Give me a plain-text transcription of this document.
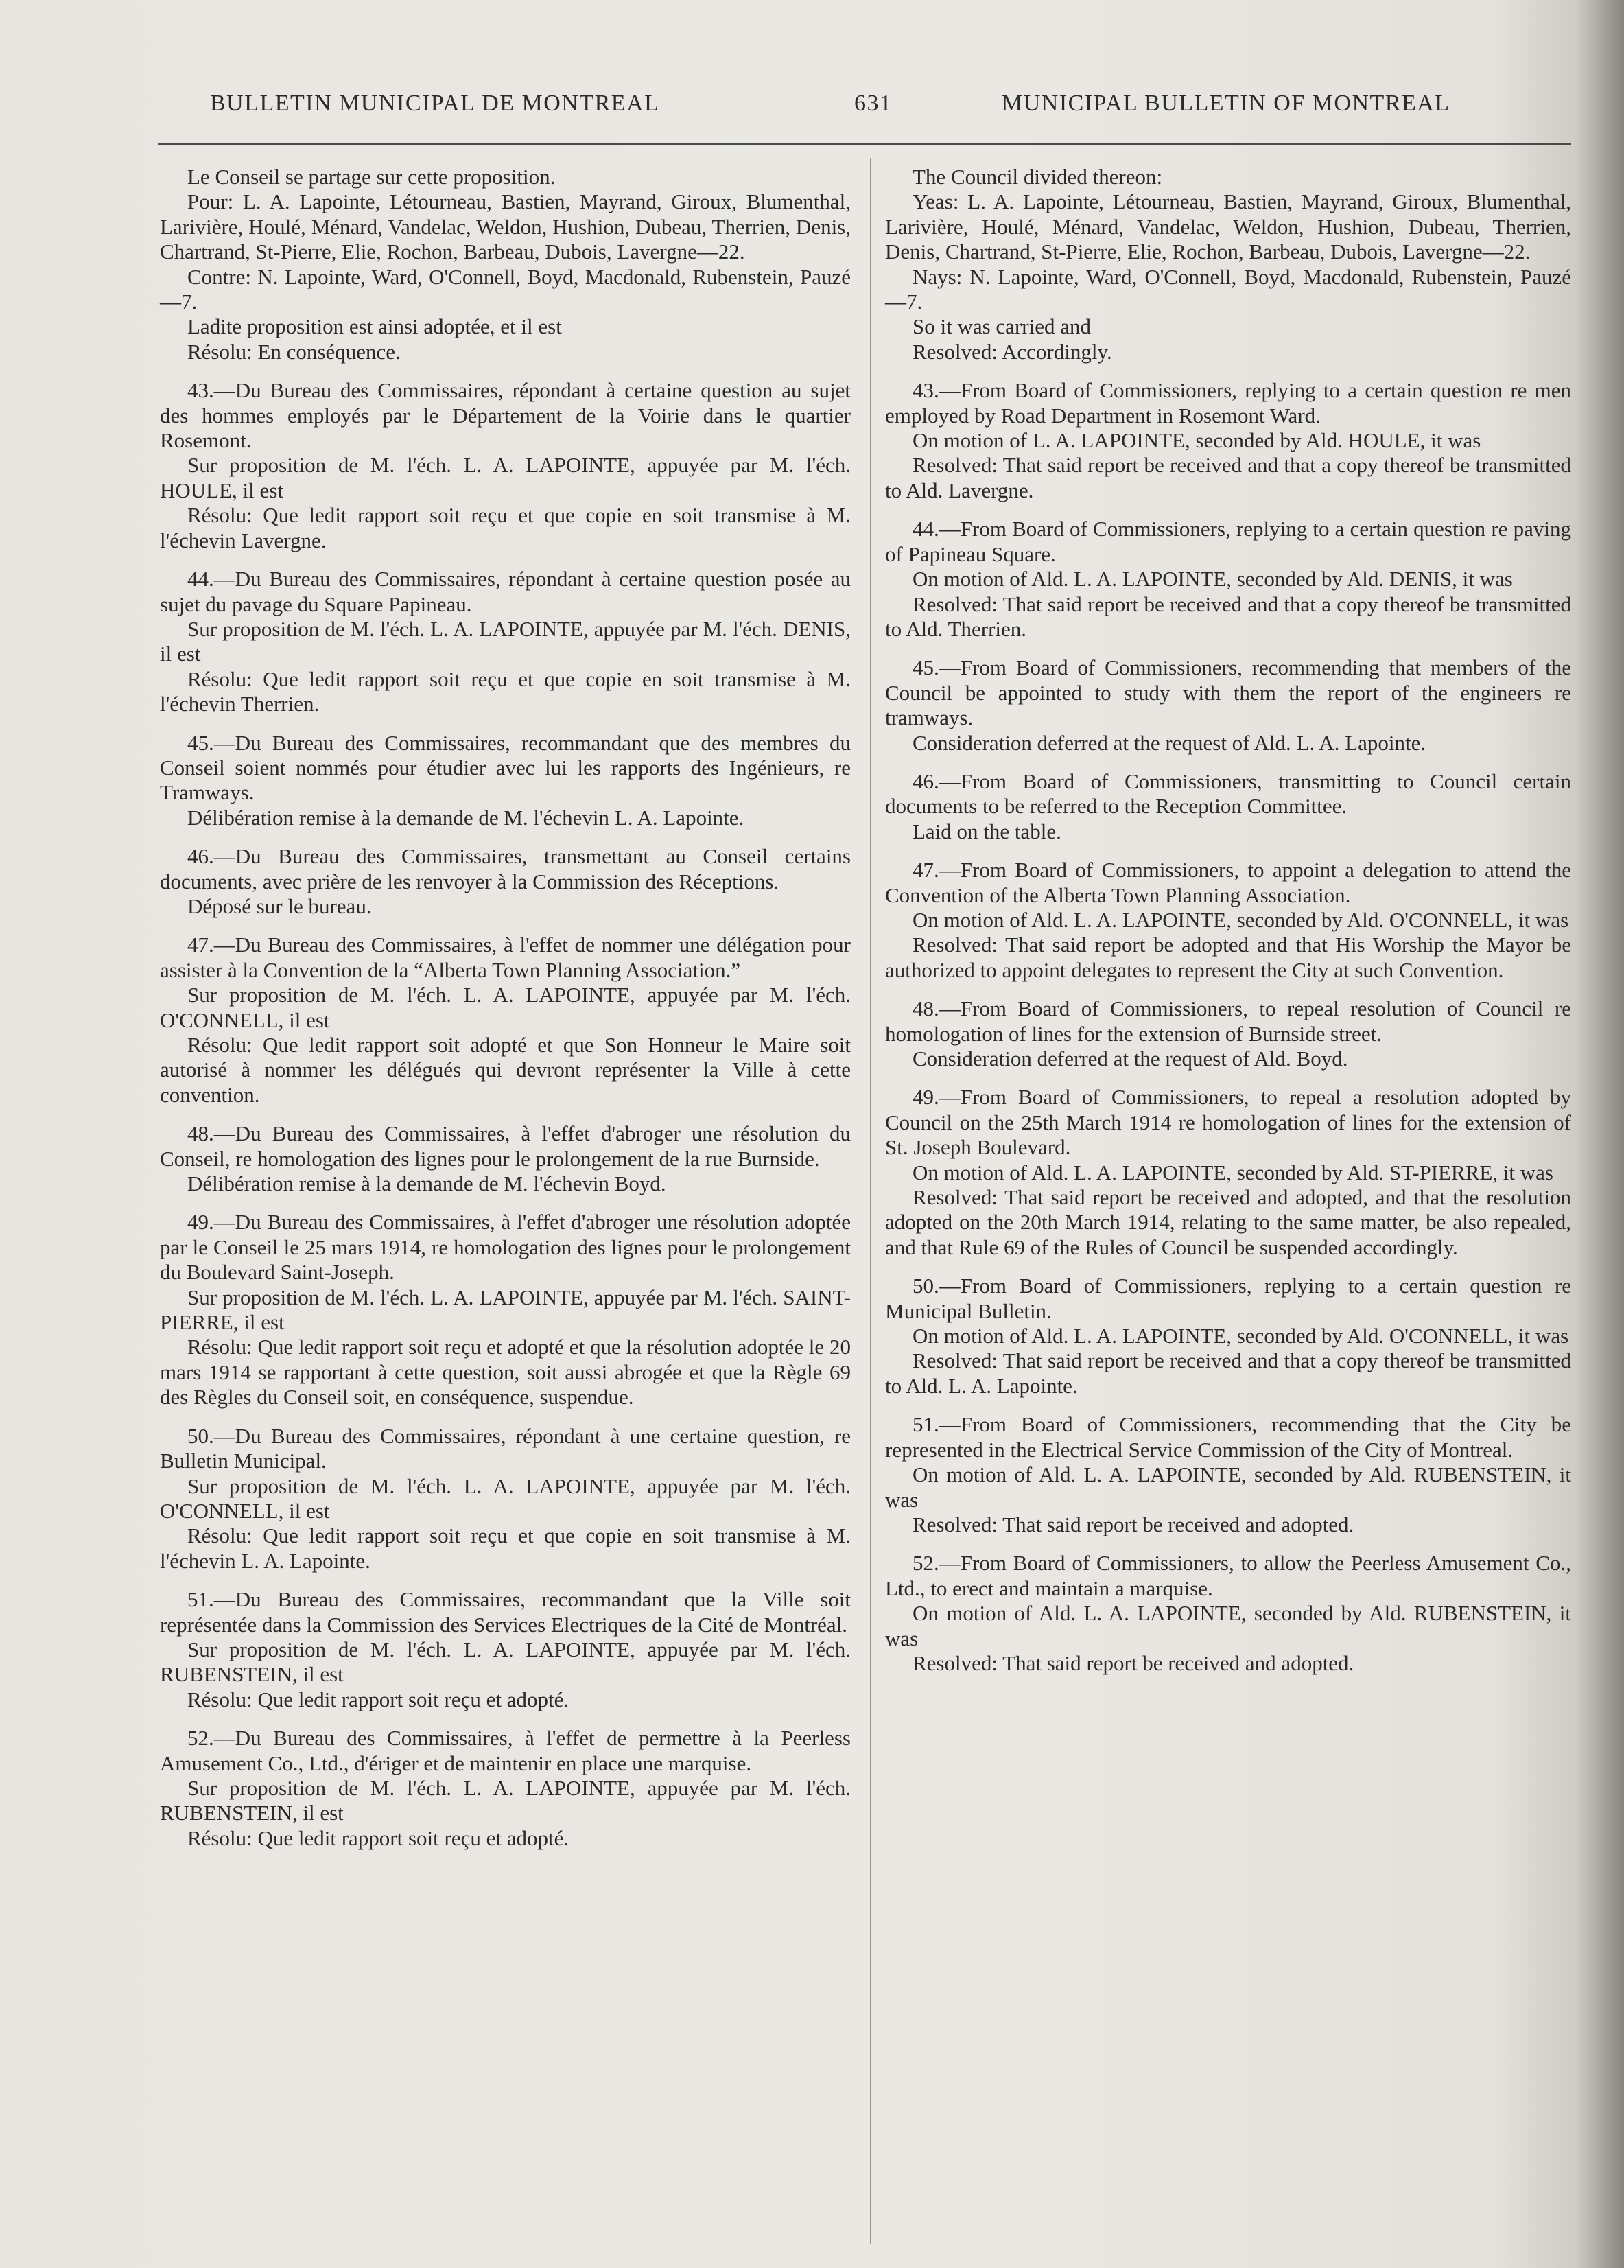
BULLETIN MUNICIPAL DE MONTREAL	631	MUNICIPAL BULLETIN OF MONTREAL

Le Conseil se partage sur cette proposition.

Pour: L. A. Lapointe, Létourneau, Bastien, Mayrand, Giroux, Blumenthal, Larivière, Houlé, Ménard, Vandelac, Weldon, Hushion, Dubeau, Therrien, Denis, Chartrand, St-Pierre, Elie, Rochon, Barbeau, Dubois, Lavergne—22.

Contre: N. Lapointe, Ward, O'Connell, Boyd, Macdonald, Rubenstein, Pauzé—7.

Ladite proposition est ainsi adoptée, et il est

Résolu: En conséquence.

43.—Du Bureau des Commissaires, répondant à certaine question au sujet des hommes employés par le Département de la Voirie dans le quartier Rosemont.

Sur proposition de M. l'éch. L. A. LAPOINTE, appuyée par M. l'éch. HOULE, il est

Résolu: Que ledit rapport soit reçu et que copie en soit transmise à M. l'échevin Lavergne.

44.—Du Bureau des Commissaires, répondant à certaine question posée au sujet du pavage du Square Papineau.

Sur proposition de M. l'éch. L. A. LAPOINTE, appuyée par M. l'éch. DENIS, il est

Résolu: Que ledit rapport soit reçu et que copie en soit transmise à M. l'échevin Therrien.

45.—Du Bureau des Commissaires, recommandant que des membres du Conseil soient nommés pour étudier avec lui les rapports des Ingénieurs, re Tramways.

Délibération remise à la demande de M. l'échevin L. A. Lapointe.

46.—Du Bureau des Commissaires, transmettant au Conseil certains documents, avec prière de les renvoyer à la Commission des Réceptions.

Déposé sur le bureau.

47.—Du Bureau des Commissaires, à l'effet de nommer une délégation pour assister à la Convention de la “Alberta Town Planning Association.”

Sur proposition de M. l'éch. L. A. LAPOINTE, appuyée par M. l'éch. O'CONNELL, il est

Résolu: Que ledit rapport soit adopté et que Son Honneur le Maire soit autorisé à nommer les délégués qui devront représenter la Ville à cette convention.

48.—Du Bureau des Commissaires, à l'effet d'abroger une résolution du Conseil, re homologation des lignes pour le prolongement de la rue Burnside.

Délibération remise à la demande de M. l'échevin Boyd.

49.—Du Bureau des Commissaires, à l'effet d'abroger une résolution adoptée par le Conseil le 25 mars 1914, re homologation des lignes pour le prolongement du Boulevard Saint-Joseph.

Sur proposition de M. l'éch. L. A. LAPOINTE, appuyée par M. l'éch. SAINT-PIERRE, il est

Résolu: Que ledit rapport soit reçu et adopté et que la résolution adoptée le 20 mars 1914 se rapportant à cette question, soit aussi abrogée et que la Règle 69 des Règles du Conseil soit, en conséquence, suspendue.

50.—Du Bureau des Commissaires, répondant à une certaine question, re Bulletin Municipal.

Sur proposition de M. l'éch. L. A. LAPOINTE, appuyée par M. l'éch. O'CONNELL, il est

Résolu: Que ledit rapport soit reçu et que copie en soit transmise à M. l'échevin L. A. Lapointe.

51.—Du Bureau des Commissaires, recommandant que la Ville soit représentée dans la Commission des Services Electriques de la Cité de Montréal.

Sur proposition de M. l'éch. L. A. LAPOINTE, appuyée par M. l'éch. RUBENSTEIN, il est

Résolu: Que ledit rapport soit reçu et adopté.

52.—Du Bureau des Commissaires, à l'effet de permettre à la Peerless Amusement Co., Ltd., d'ériger et de maintenir en place une marquise.

Sur proposition de M. l'éch. L. A. LAPOINTE, appuyée par M. l'éch. RUBENSTEIN, il est

Résolu: Que ledit rapport soit reçu et adopté.

The Council divided thereon:

Yeas: L. A. Lapointe, Létourneau, Bastien, Mayrand, Giroux, Blumenthal, Larivière, Houlé, Ménard, Vandelac, Weldon, Hushion, Dubeau, Therrien, Denis, Chartrand, St-Pierre, Elie, Rochon, Barbeau, Dubois, Lavergne—22.

Nays: N. Lapointe, Ward, O'Connell, Boyd, Macdonald, Rubenstein, Pauzé—7.

So it was carried and

Resolved: Accordingly.

43.—From Board of Commissioners, replying to a certain question re men employed by Road Department in Rosemont Ward.

On motion of L. A. LAPOINTE, seconded by Ald. HOULE, it was

Resolved: That said report be received and that a copy thereof be transmitted to Ald. Lavergne.

44.—From Board of Commissioners, replying to a certain question re paving of Papineau Square.

On motion of Ald. L. A. LAPOINTE, seconded by Ald. DENIS, it was

Resolved: That said report be received and that a copy thereof be transmitted to Ald. Therrien.

45.—From Board of Commissioners, recommending that members of the Council be appointed to study with them the report of the engineers re tramways.

Consideration deferred at the request of Ald. L. A. Lapointe.

46.—From Board of Commissioners, transmitting to Council certain documents to be referred to the Reception Committee.

Laid on the table.

47.—From Board of Commissioners, to appoint a delegation to attend the Convention of the Alberta Town Planning Association.

On motion of Ald. L. A. LAPOINTE, seconded by Ald. O'CONNELL, it was

Resolved: That said report be adopted and that His Worship the Mayor be authorized to appoint delegates to represent the City at such Convention.

48.—From Board of Commissioners, to repeal resolution of Council re homologation of lines for the extension of Burnside street.

Consideration deferred at the request of Ald. Boyd.

49.—From Board of Commissioners, to repeal a resolution adopted by Council on the 25th March 1914 re homologation of lines for the extension of St. Joseph Boulevard.

On motion of Ald. L. A. LAPOINTE, seconded by Ald. ST-PIERRE, it was

Resolved: That said report be received and adopted, and that the resolution adopted on the 20th March 1914, relating to the same matter, be also repealed, and that Rule 69 of the Rules of Council be suspended accordingly.

50.—From Board of Commissioners, replying to a certain question re Municipal Bulletin.

On motion of Ald. L. A. LAPOINTE, seconded by Ald. O'CONNELL, it was

Resolved: That said report be received and that a copy thereof be transmitted to Ald. L. A. Lapointe.

51.—From Board of Commissioners, recommending that the City be represented in the Electrical Service Commission of the City of Montreal.

On motion of Ald. L. A. LAPOINTE, seconded by Ald. RUBENSTEIN, it was

Resolved: That said report be received and adopted.

52.—From Board of Commissioners, to allow the Peerless Amusement Co., Ltd., to erect and maintain a marquise.

On motion of Ald. L. A. LAPOINTE, seconded by Ald. RUBENSTEIN, it was

Resolved: That said report be received and adopted.
